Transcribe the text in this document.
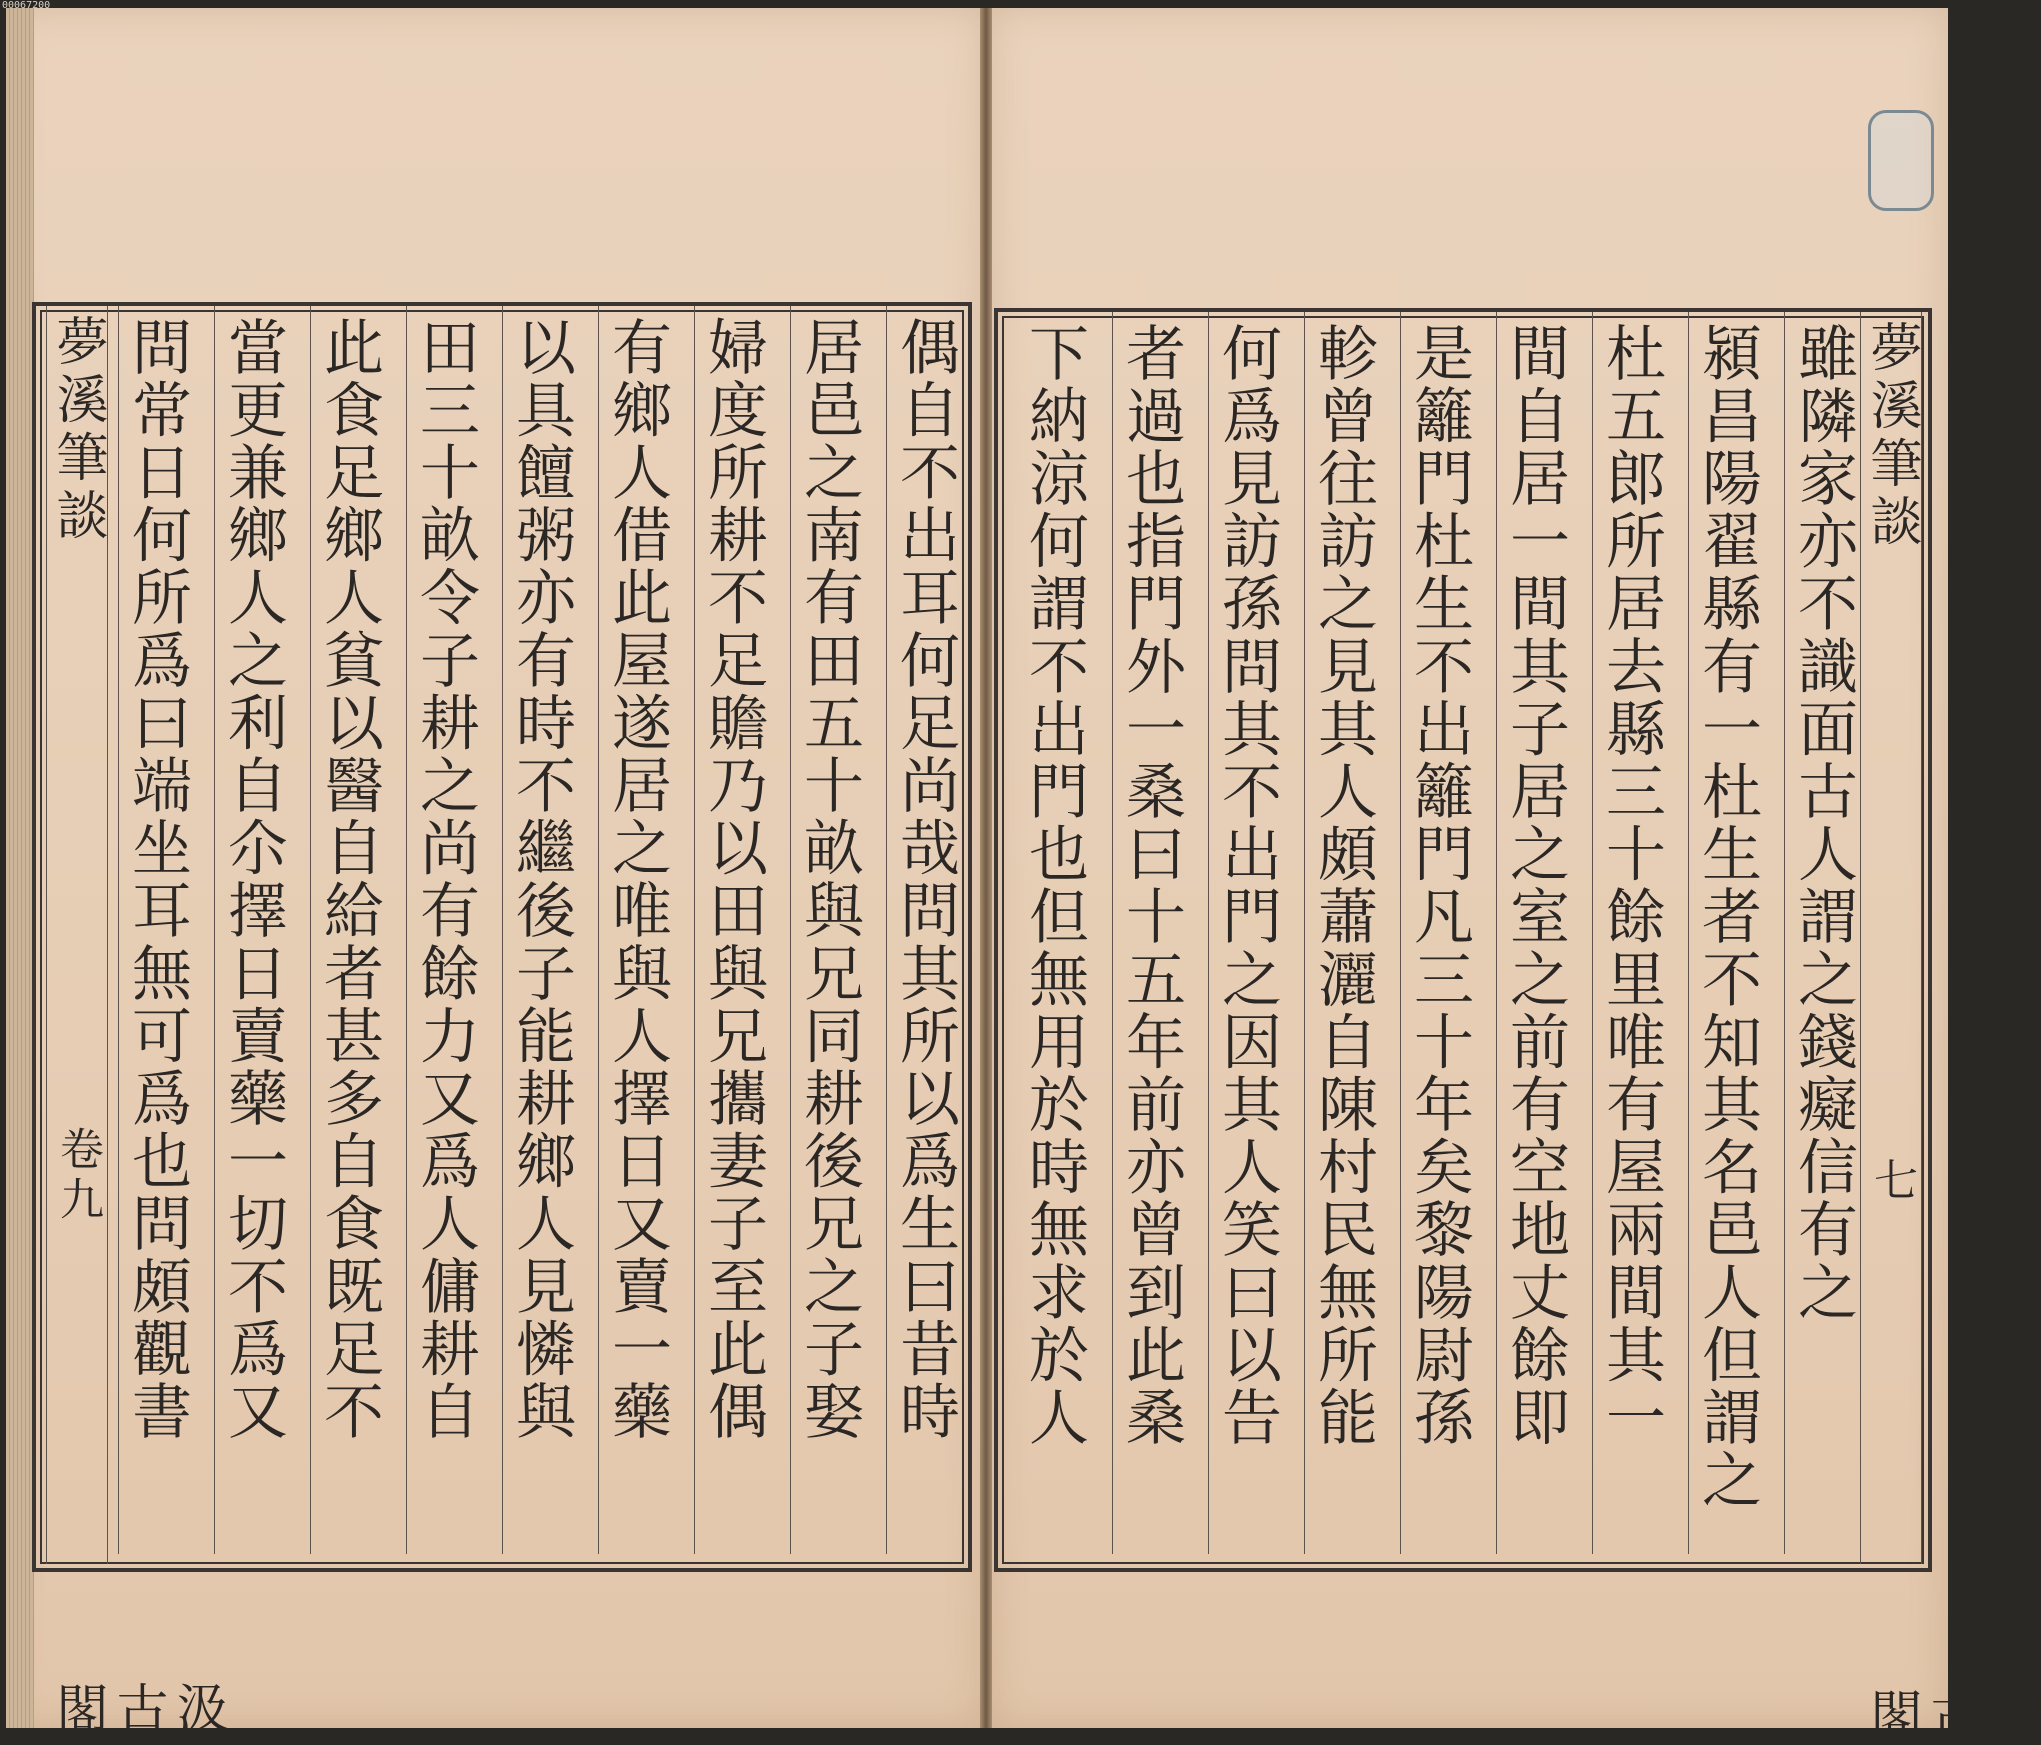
00067200
夢溪筆談
七
汲古閣
雖隣家亦不識面古人謂之錢癡信有之
潁昌陽翟縣有一杜生者不知其名邑人但謂之
杜五郎所居去縣三十餘里唯有屋兩間其一
間自居一間其子居之室之前有空地丈餘即
是籬門杜生不出籬門凡三十年矣黎陽尉孫
軫曾往訪之見其人頗蕭灑自陳村民無所能
何爲見訪孫問其不出門之因其人笑曰以告
者過也指門外一桑曰十五年前亦曾到此桑
下納涼何謂不出門也但無用於時無求於人
偶自不出耳何足尚哉問其所以爲生曰昔時
居邑之南有田五十畝與兄同耕後兄之子娶
婦度所耕不足贍乃以田與兄攜妻子至此偶
有鄉人借此屋遂居之唯與人擇日又賣一藥
以具饘粥亦有時不繼後子能耕鄉人見憐與
田三十畝令子耕之尚有餘力又爲人傭耕自
此食足鄉人貧以醫自給者甚多自食既足不
當更兼鄉人之利自尒擇日賣藥一切不爲又
問常日何所爲曰端坐耳無可爲也問頗觀書
夢溪筆談
卷九
汲古閣
